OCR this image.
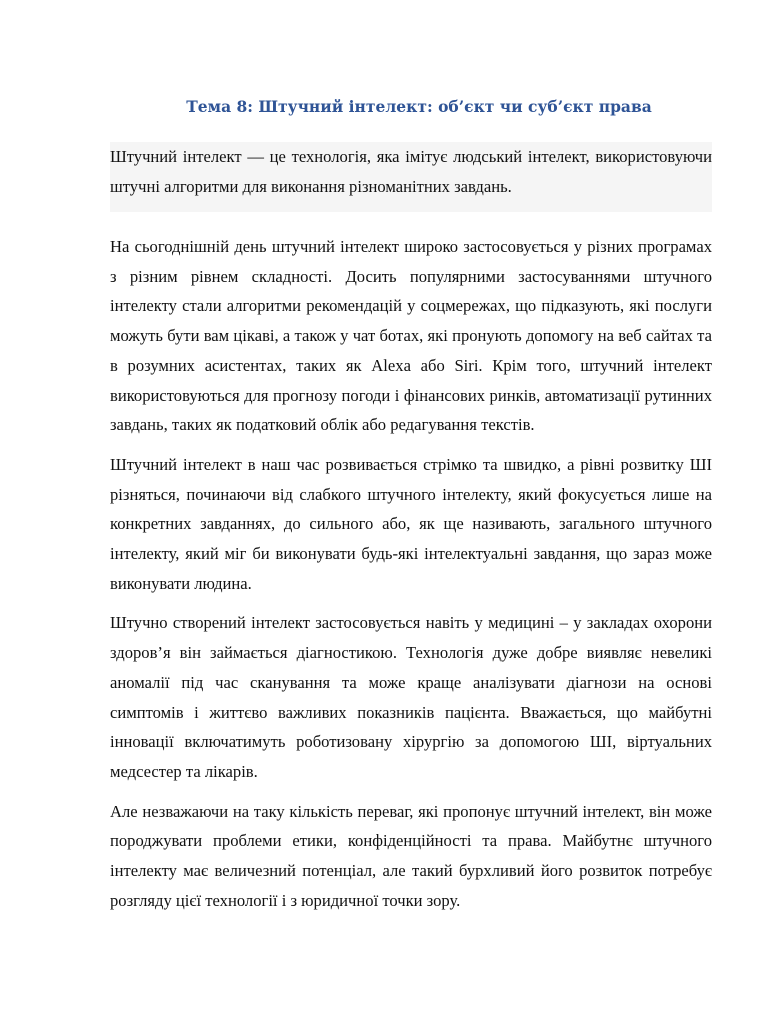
Тема 8: Штучний інтелект: об’єкт чи суб’єкт права

Штучний інтелект — це технологія, яка імітує людський інтелект, використовуючи штучні алгоритми для виконання різноманітних завдань.

На сьогоднішній день штучний інтелект широко застосовується у різних програмах з різним рівнем складності. Досить популярними застосуваннями штучного інтелекту стали алгоритми рекомендацій у соцмережах, що підказують, які послуги можуть бути вам цікаві, а також у чат ботах, які пронують допомогу на веб сайтах та в розумних асистентах, таких як Alexa або Siri. Крім того, штучний інтелект використовуються для прогнозу погоди і фінансових ринків, автоматизації рутинних завдань, таких як податковий облік або редагування текстів.

Штучний інтелект в наш час розвивається стрімко та швидко, а рівні розвитку ШІ різняться, починаючи від слабкого штучного інтелекту, який фокусується лише на конкретних завданнях, до сильного або, як ще називають, загального штучного інтелекту, який міг би виконувати будь-які інтелектуальні завдання, що зараз може виконувати людина.

Штучно створений інтелект застосовується навіть у медицині – у закладах охорони здоров’я він займається діагностикою. Технологія дуже добре виявляє невеликі аномалії під час сканування та може краще аналізувати діагнози на основі симптомів і життєво важливих показників пацієнта. Вважається, що майбутні інновації включатимуть роботизовану хірургію за допомогою ШІ, віртуальних медсестер та лікарів.

Але незважаючи на таку кількість переваг, які пропонує штучний інтелект, він може породжувати проблеми етики, конфіденційності та права. Майбутнє штучного інтелекту має величезний потенціал, але такий бурхливий його розвиток потребує розгляду цієї технології і з юридичної точки зору.
